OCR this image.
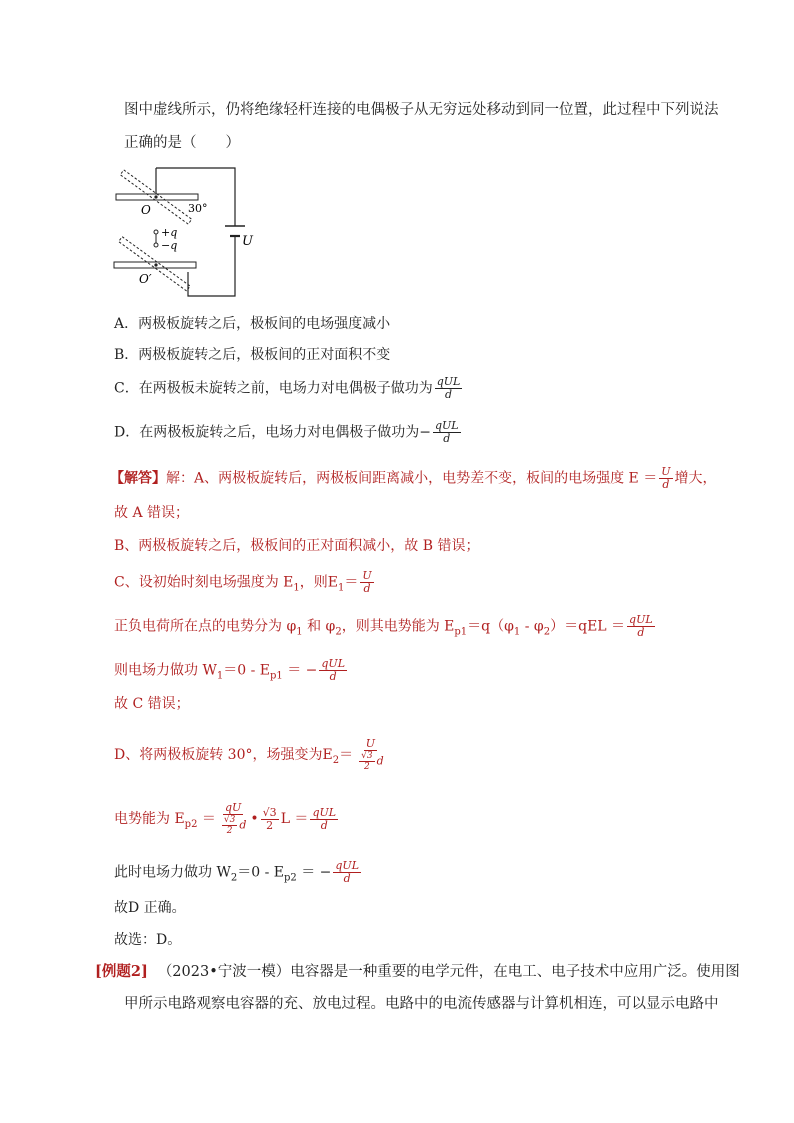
图中虚线所示，仍将绝缘轻杆连接的电偶极子从无穷远处移动到同一位置，此过程中下列说法
正确的是（　　）
O	30°
+q
−q
O′
U
A．两极板旋转之后，极板间的电场强度减小
B．两极板旋转之后，极板间的正对面积不变
C．在两极板未旋转之前，电场力对电偶极子做功为 $\frac{\text{qUL}}{d}$
D．在两极板旋转之后，电场力对电偶极子做功为− $\frac{\text{qUL}}{d}$
【解答】解：A、两极板旋转后，两极板间距离减小，电势差不变，板间的电场强度 $E = \frac{U}{d}$ 增大，
故 A 错误；
B、两极板旋转之后，极板间的正对面积减小，故 B 错误；
C、设初始时刻电场强度为 $E_1$，则$E_1= \frac{U}{d}$
正负电荷所在点的电势分为 $\varphi_1$ 和 $\varphi_2$，则其电势能为 $E_{p1}=q(\varphi_1 - \varphi_2)=qEL = \frac{\text{qUL}}{d}$
则电场力做功 $W_1=0 - E_{p1}$ ＝ − $\frac{\text{qUL}}{d}$
故 C 错误；
D、将两极板旋转 30°，场强变为$E_2= \frac{U}{\frac{√3}{2} d}$
电势能为 $E_{p2} = \frac{qU}{\frac{√3}{2} d}$ • $\frac{√3}{2}$ $L = \frac{\text{qUL}}{d}$
此时电场力做功 $W_2=0 - E_{p2}$ ＝ − $\frac{\text{qUL}}{d}$
故D 正确。
故选：D。
[例题2] （2023•宁波一模）电容器是一种重要的电学元件，在电工、电子技术中应用广泛。使用图
甲所示电路观察电容器的充、放电过程。电路中的电流传感器与计算机相连，可以显示电路中
